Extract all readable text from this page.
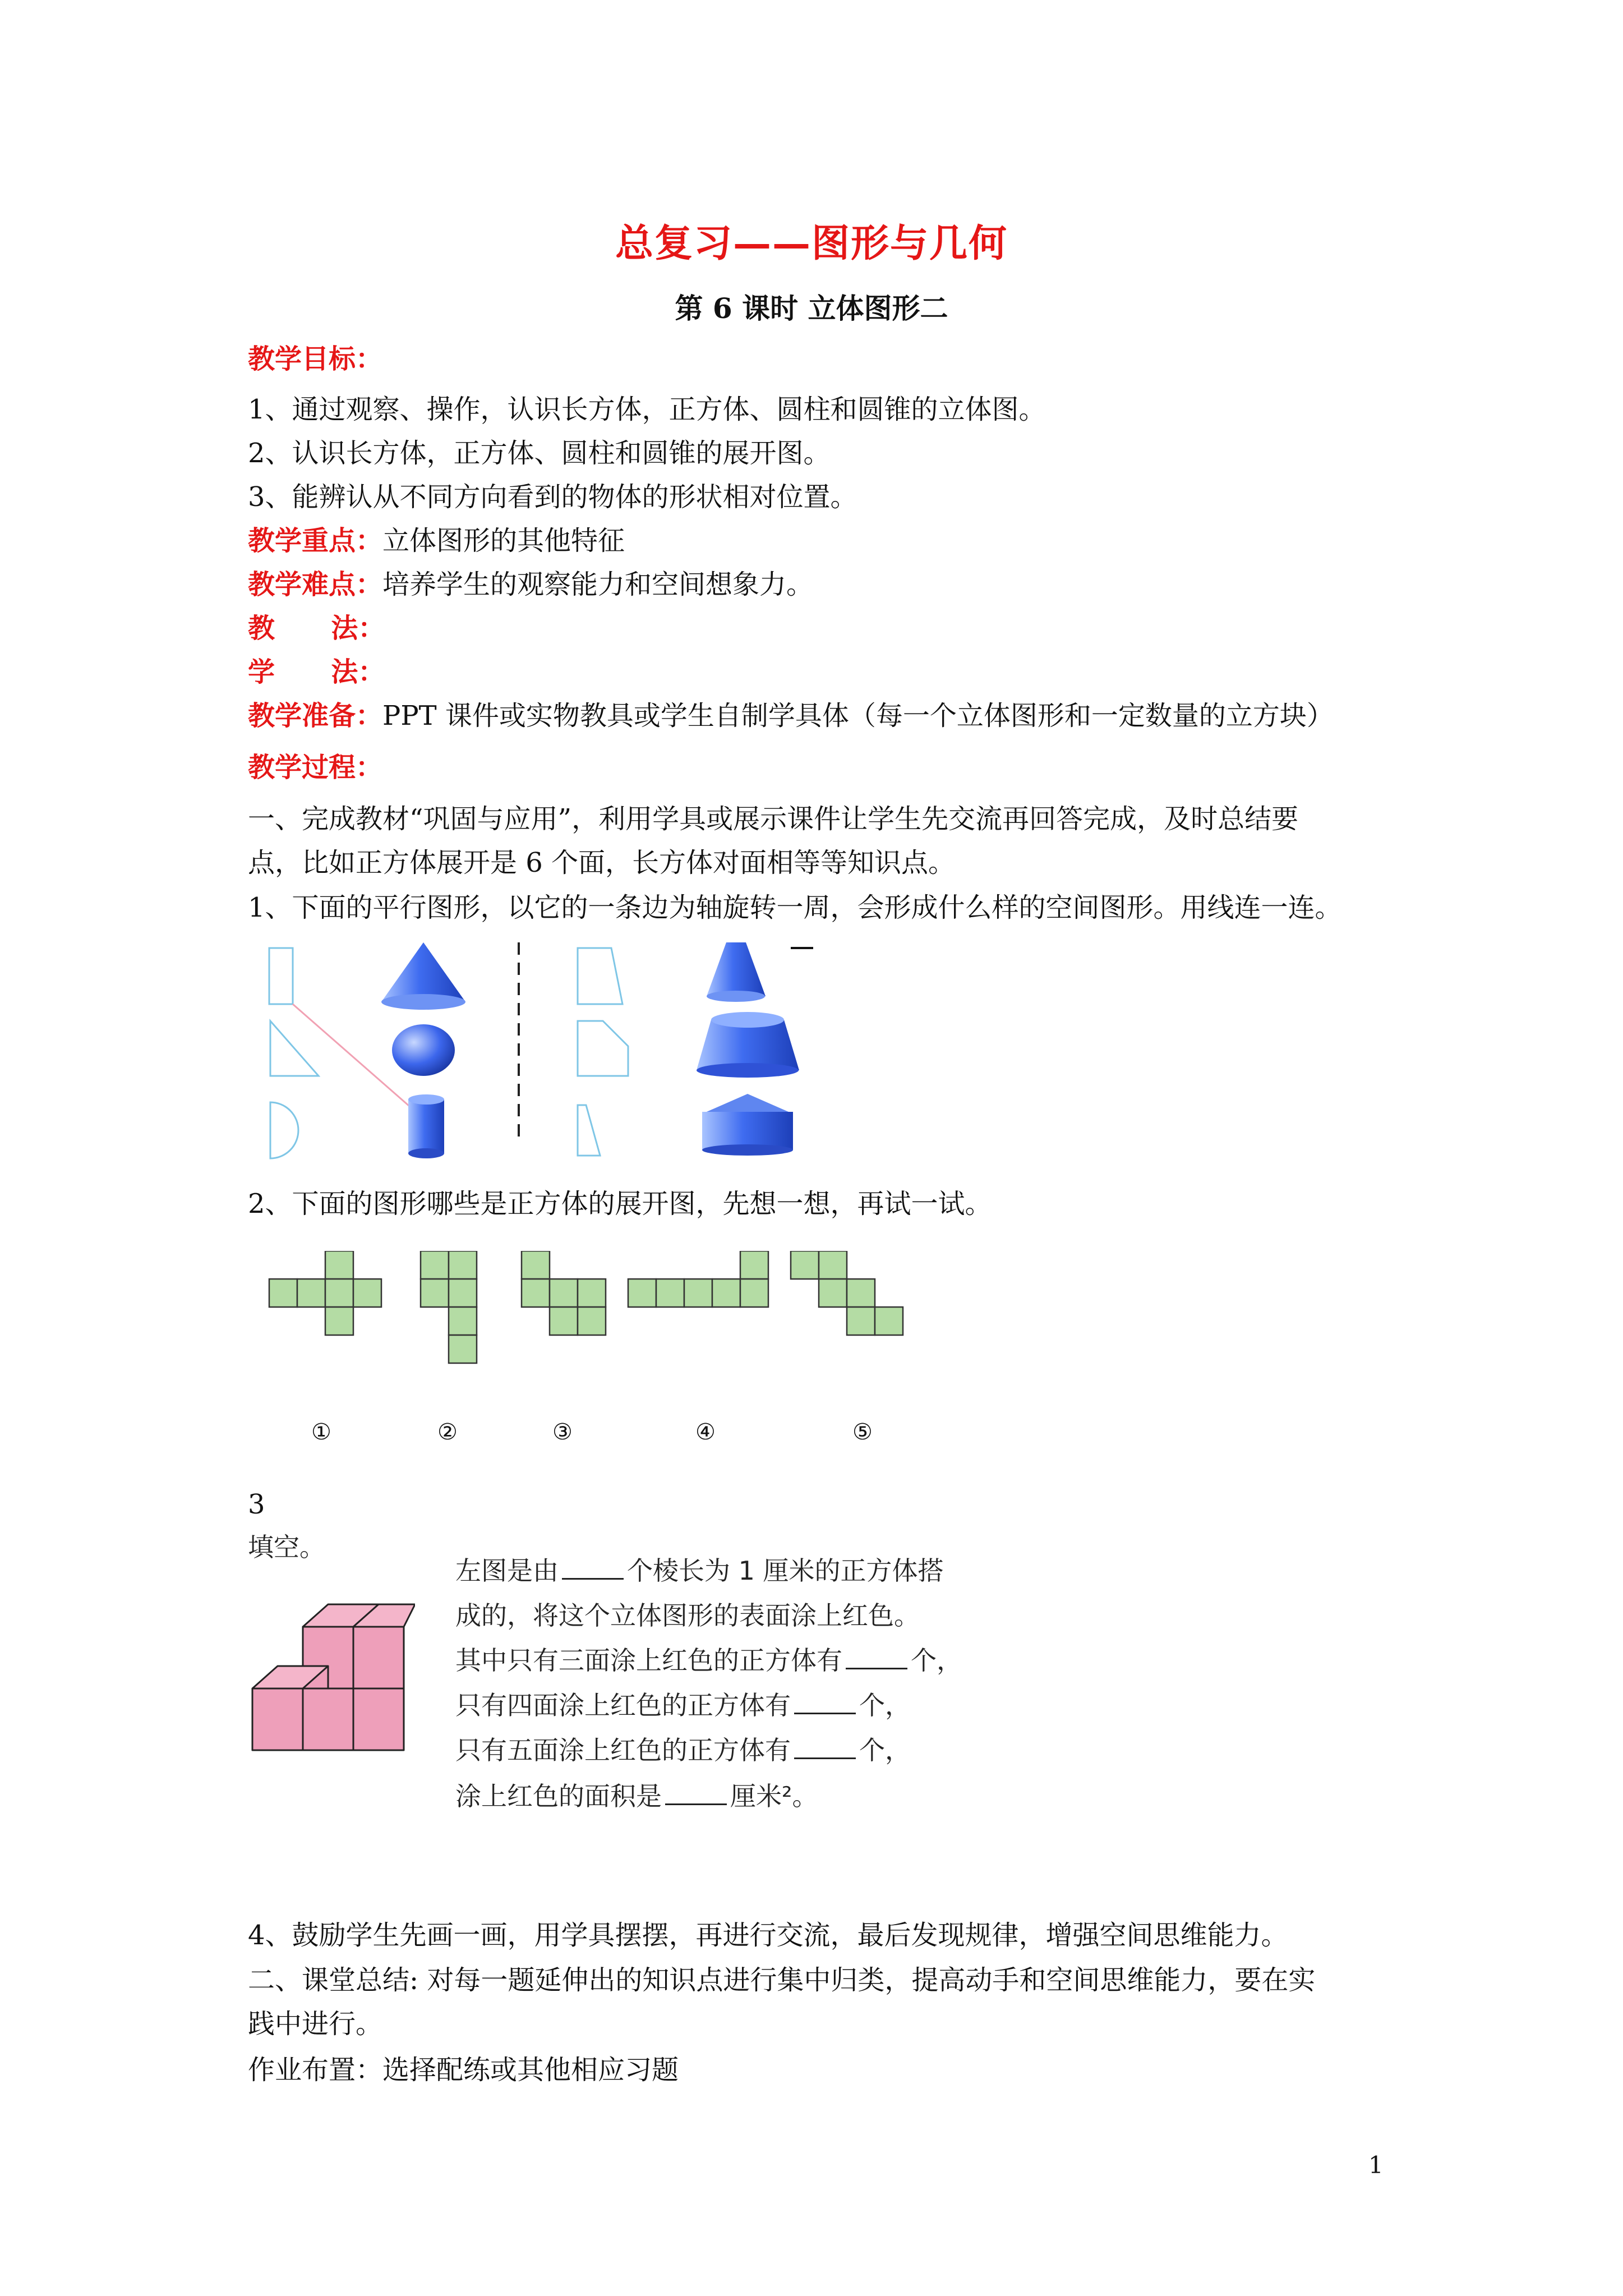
总复习——图形与几何
第 6 课时 立体图形二
教学目标：
1、通过观察、操作，认识长方体，正方体、圆柱和圆锥的立体图。
2、认识长方体，正方体、圆柱和圆锥的展开图。
3、能辨认从不同方向看到的物体的形状相对位置。
教学重点：立体图形的其他特征
教学难点：培养学生的观察能力和空间想象力。
教      法：
学      法：
教学准备：PPT 课件或实物教具或学生自制学具体（每一个立体图形和一定数量的立方块）
教学过程：
一、完成教材“巩固与应用”，利用学具或展示课件让学生先交流再回答完成，及时总结要
点，比如正方体展开是 6 个面，长方体对面相等等知识点。
1、下面的平行图形，以它的一条边为轴旋转一周，会形成什么样的空间图形。用线连一连。
2、下面的图形哪些是正方体的展开图，先想一想，再试一试。
①	②	③	④	⑤
3
填空。
左图是由	个棱长为 1 厘米的正方体搭
成的，将这个立体图形的表面涂上红色。
其中只有三面涂上红色的正方体有	个，
只有四面涂上红色的正方体有	个，
只有五面涂上红色的正方体有	个，
涂上红色的面积是	厘米²。
4、鼓励学生先画一画，用学具摆摆，再进行交流，最后发现规律，增强空间思维能力。
二、课堂总结: 对每一题延伸出的知识点进行集中归类，提高动手和空间思维能力，要在实
践中进行。
作业布置：选择配练或其他相应习题
1
